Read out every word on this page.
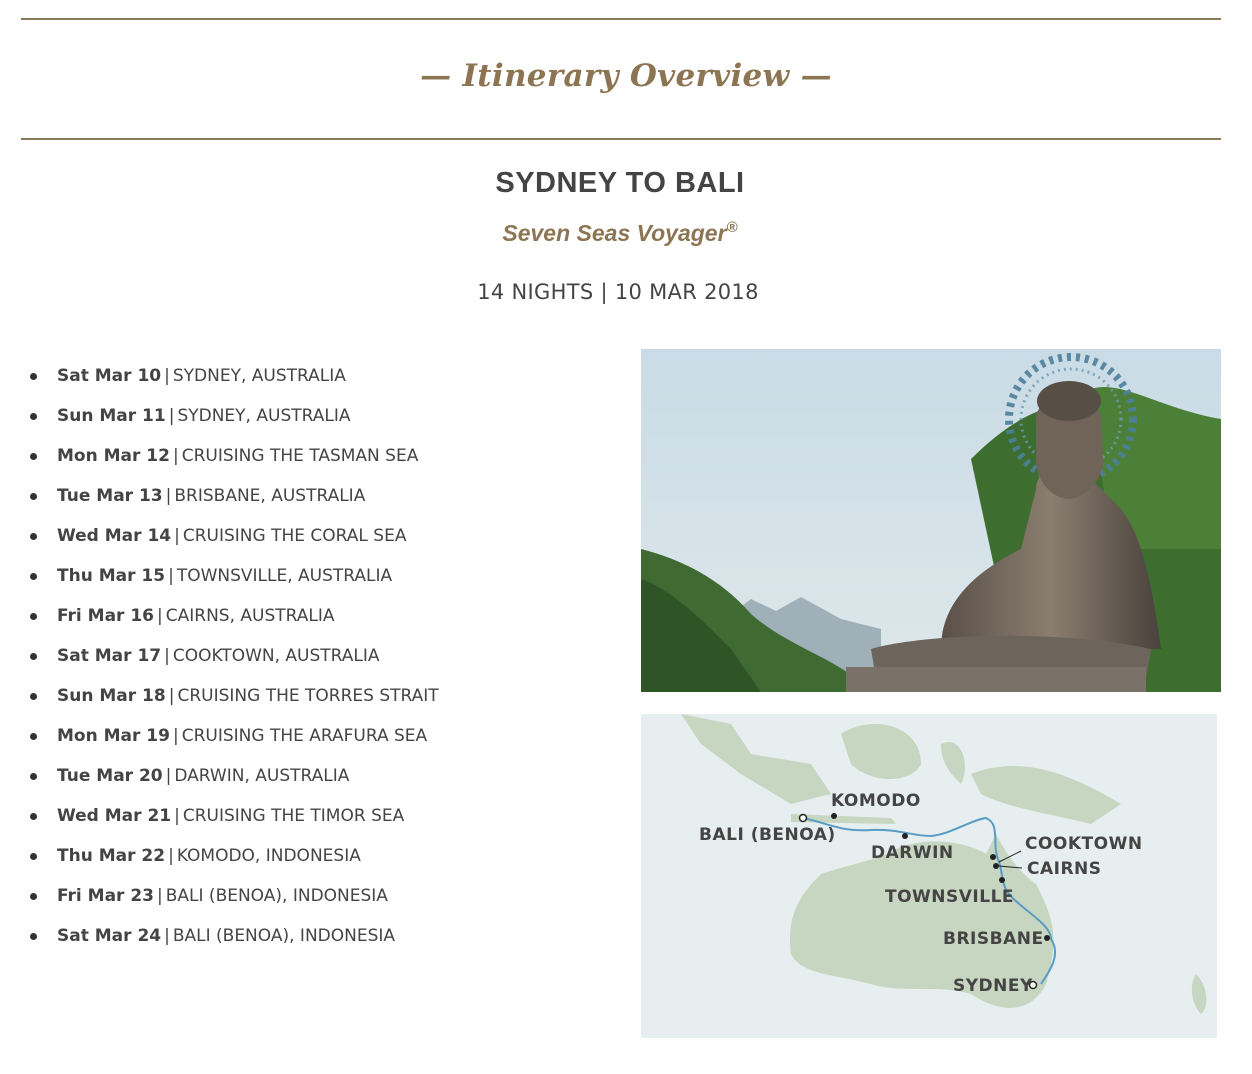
— Itinerary Overview —
SYDNEY TO BALI
Seven Seas Voyager®
14 NIGHTS | 10 MAR 2018
Sat Mar 10 | SYDNEY, AUSTRALIA
Sun Mar 11 | SYDNEY, AUSTRALIA
Mon Mar 12 | CRUISING THE TASMAN SEA
Tue Mar 13 | BRISBANE, AUSTRALIA
Wed Mar 14 | CRUISING THE CORAL SEA
Thu Mar 15 | TOWNSVILLE, AUSTRALIA
Fri Mar 16 | CAIRNS, AUSTRALIA
Sat Mar 17 | COOKTOWN, AUSTRALIA
Sun Mar 18 | CRUISING THE TORRES STRAIT
Mon Mar 19 | CRUISING THE ARAFURA SEA
Tue Mar 20 | DARWIN, AUSTRALIA
Wed Mar 21 | CRUISING THE TIMOR SEA
Thu Mar 22 | KOMODO, INDONESIA
Fri Mar 23 | BALI (BENOA), INDONESIA
Sat Mar 24 | BALI (BENOA), INDONESIA
KOMODO
BALI (BENOA)
DARWIN	COOKTOWN
CAIRNS
TOWNSVILLE
BRISBANE
SYDNEY
